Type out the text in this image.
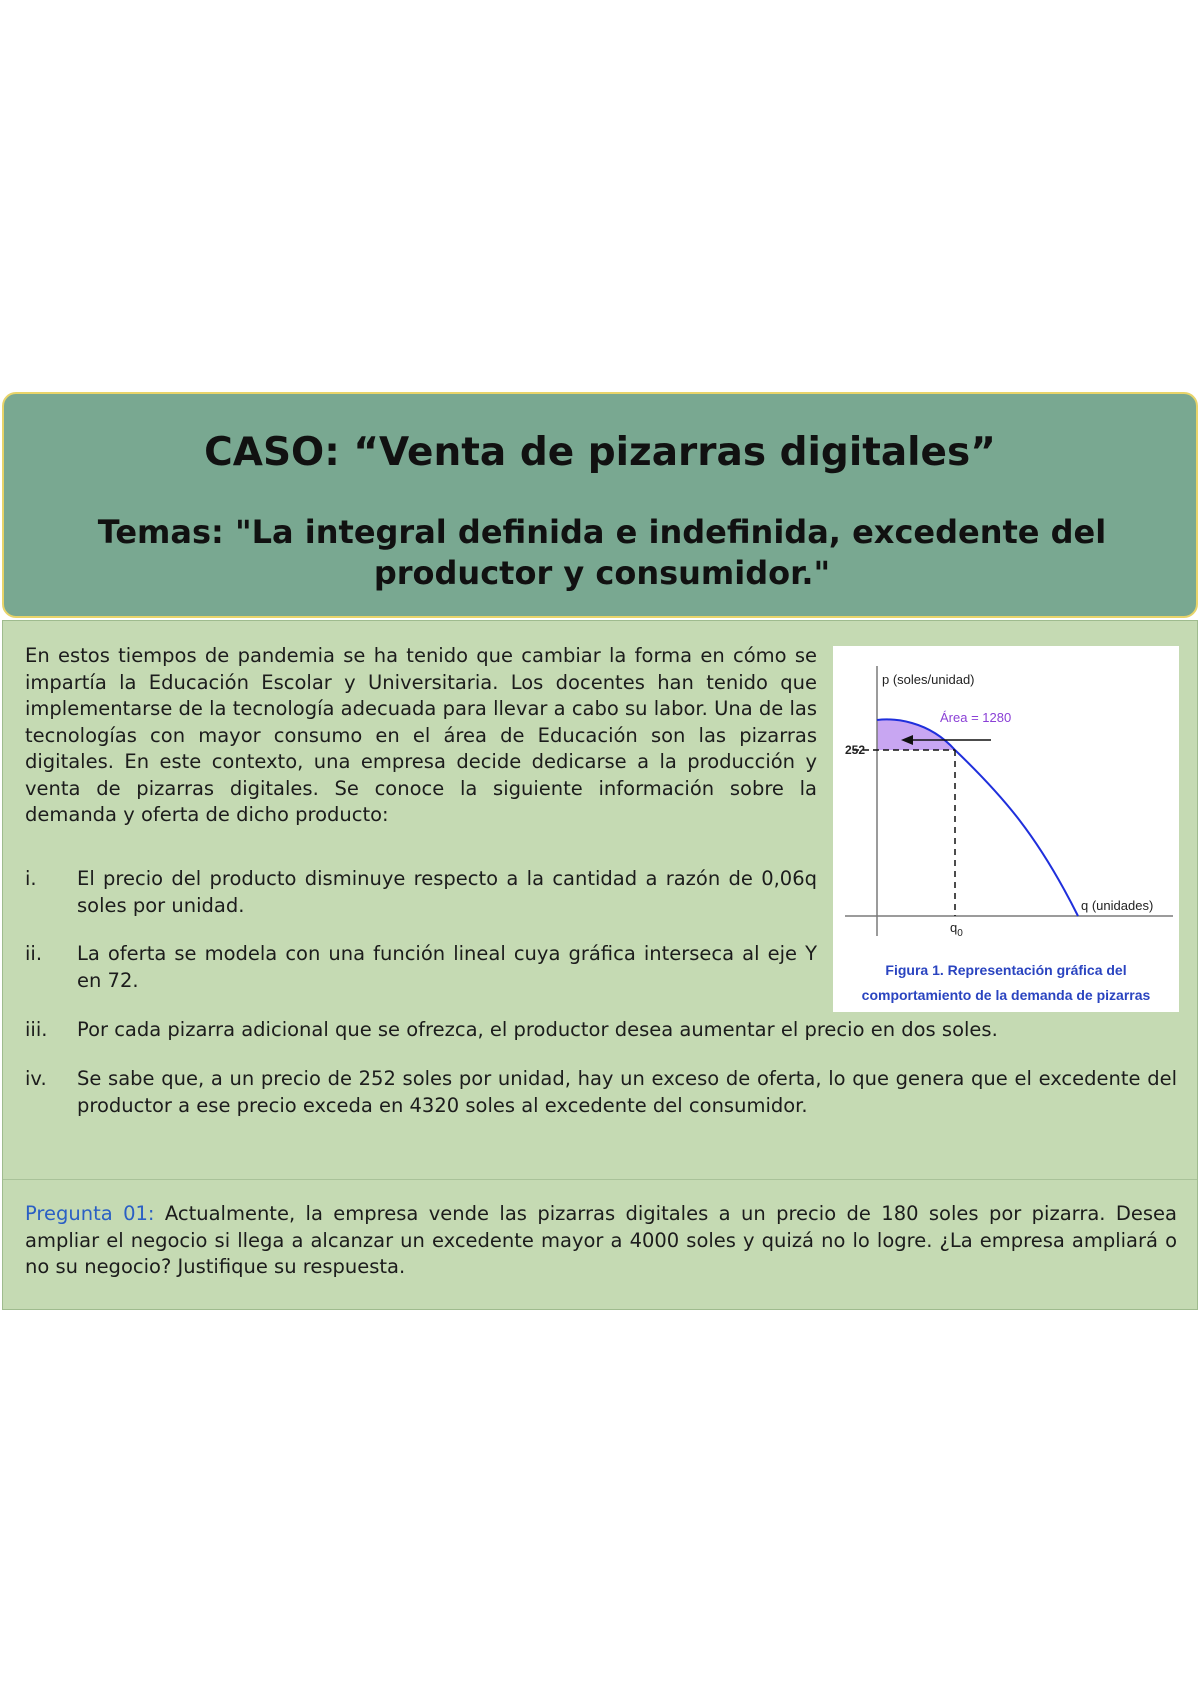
CASO: “Venta de pizarras digitales”
Temas: "La integral definida e indefinida, excedente del productor y consumidor."

En estos tiempos de pandemia se ha tenido que cambiar la forma en cómo se impartía la Educación Escolar y Universitaria. Los docentes han tenido que implementarse de la tecnología adecuada para llevar a cabo su labor. Una de las tecnologías con mayor consumo en el área de Educación son las pizarras digitales. En este contexto, una empresa decide dedicarse a la producción y venta de pizarras digitales. Se conoce la siguiente información sobre la demanda y oferta de dicho producto:

i.	El precio del producto disminuye respecto a la cantidad a razón de 0,06q soles por unidad.
ii.	La oferta se modela con una función lineal cuya gráfica interseca al eje Y en 72.
iii.	Por cada pizarra adicional que se ofrezca, el productor desea aumentar el precio en dos soles.
iv.	Se sabe que, a un precio de 252 soles por unidad, hay un exceso de oferta, lo que genera que el excedente del productor a ese precio exceda en 4320 soles al excedente del consumidor.

Pregunta 01: Actualmente, la empresa vende las pizarras digitales a un precio de 180 soles por pizarra. Desea ampliar el negocio si llega a alcanzar un excedente mayor a 4000 soles y quizá no lo logre. ¿La empresa ampliará o no su negocio? Justifique su respuesta.

p (soles/unidad)
252
Área = 1280
q (unidades)
$q_0$
Figura 1. Representación gráfica del
comportamiento de la demanda de pizarras
